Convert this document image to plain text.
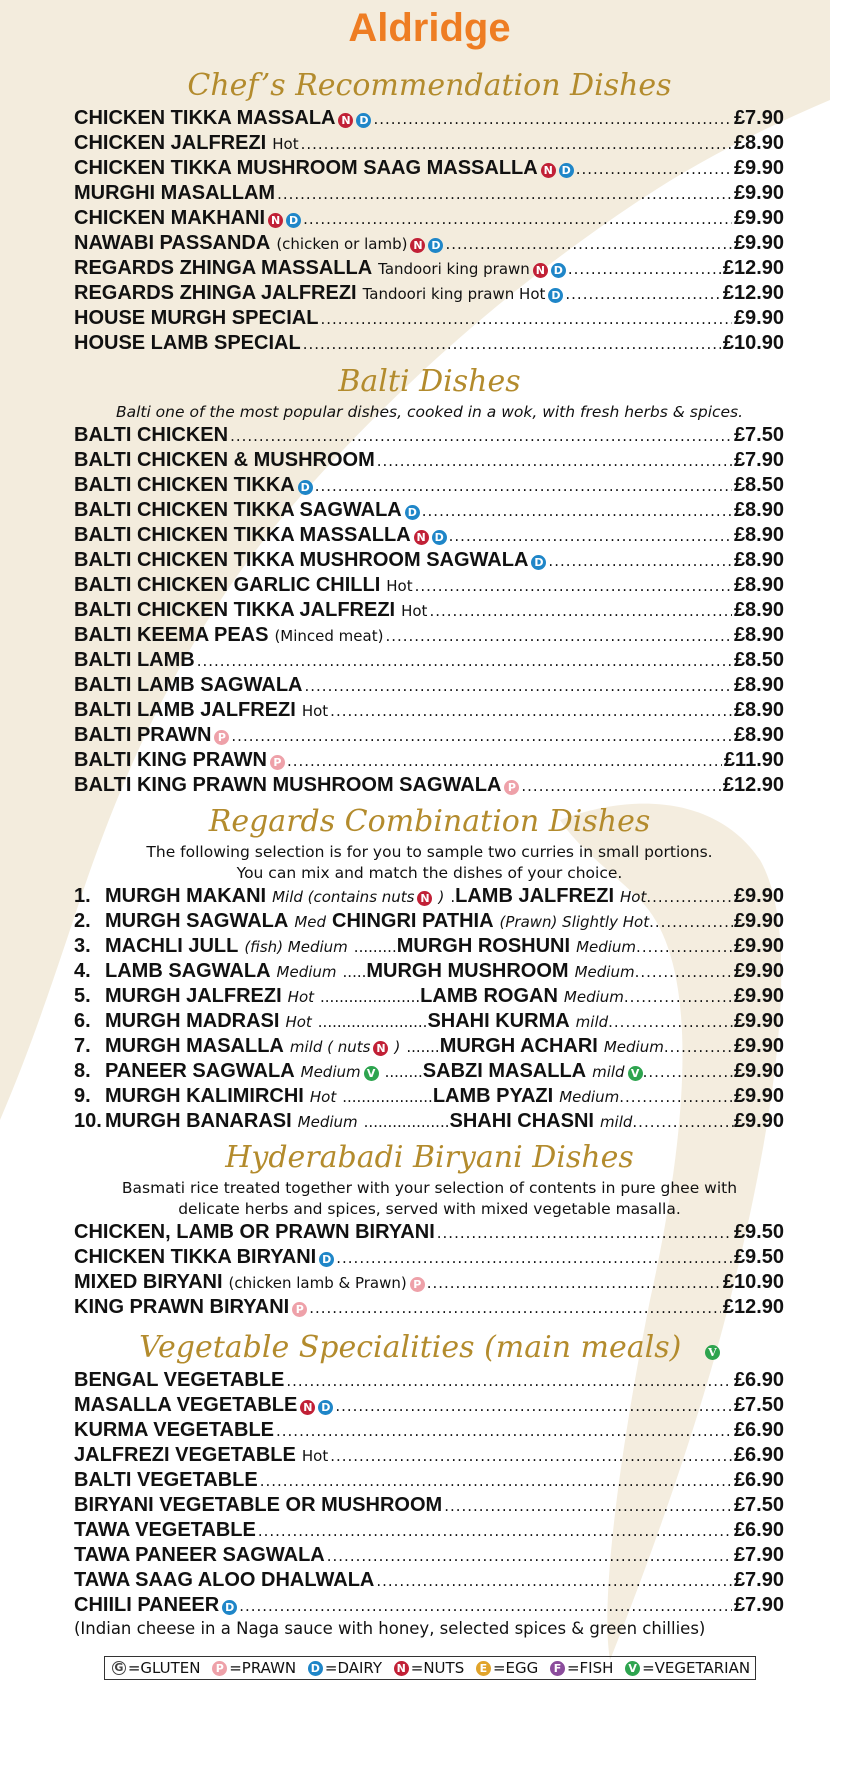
Aldridge
Chef’s Recommendation Dishes
CHICKEN TIKKA MASSALA N D .....	£7.90
CHICKEN JALFREZI Hot .....	£8.90
CHICKEN TIKKA MUSHROOM SAAG MASSALLA N D .....	£9.90
MURGHI MASALLAM .....	£9.90
CHICKEN MAKHANI N D .....	£9.90
NAWABI PASSANDA (chicken or lamb) N D .....	£9.90
REGARDS ZHINGA MASSALLA Tandoori king prawn N D .....	£12.90
REGARDS ZHINGA JALFREZI Tandoori king prawn Hot D .....	£12.90
HOUSE MURGH SPECIAL .....	£9.90
HOUSE LAMB SPECIAL .....	£10.90
Balti Dishes
Balti one of the most popular dishes, cooked in a wok, with fresh herbs & spices.
BALTI CHICKEN .....	£7.50
BALTI CHICKEN & MUSHROOM .....	£7.90
BALTI CHICKEN TIKKA D .....	£8.50
BALTI CHICKEN TIKKA SAGWALA D .....	£8.90
BALTI CHICKEN TIKKA MASSALLA N D .....	£8.90
BALTI CHICKEN TIKKA MUSHROOM SAGWALA D .....	£8.90
BALTI CHICKEN GARLIC CHILLI Hot .....	£8.90
BALTI CHICKEN TIKKA JALFREZI Hot .....	£8.90
BALTI KEEMA PEAS (Minced meat) .....	£8.90
BALTI LAMB .....	£8.50
BALTI LAMB SAGWALA .....	£8.90
BALTI LAMB JALFREZI Hot .....	£8.90
BALTI PRAWN P .....	£8.90
BALTI KING PRAWN P .....	£11.90
BALTI KING PRAWN MUSHROOM SAGWALA P .....	£12.90
Regards Combination Dishes
The following selection is for you to sample two curries in small portions.
You can mix and match the dishes of your choice.
1. MURGH MAKANI Mild (contains nuts N ) . LAMB JALFREZI Hot .....	£9.90
2. MURGH SAGWALA Med CHINGRI PATHIA (Prawn) Slightly Hot .....	£9.90
3. MACHLI JULL (fish) Medium ......... MURGH ROSHUNI Medium .....	£9.90
4. LAMB SAGWALA Medium ..... MURGH MUSHROOM Medium .....	£9.90
5. MURGH JALFREZI Hot ..................... LAMB ROGAN Medium .....	£9.90
6. MURGH MADRASI Hot ....................... SHAHI KURMA mild .....	£9.90
7. MURGH MASALLA mild ( nuts N ) ....... MURGH ACHARI Medium .....	£9.90
8. PANEER SAGWALA Medium V ........ SABZI MASALLA mild V .....	£9.90
9. MURGH KALIMIRCHI Hot ................... LAMB PYAZI Medium .....	£9.90
10. MURGH BANARASI Medium .................. SHAHI CHASNI mild .....	£9.90
Hyderabadi Biryani Dishes
Basmati rice treated together with your selection of contents in pure ghee with
delicate herbs and spices, served with mixed vegetable masalla.
CHICKEN, LAMB OR PRAWN BIRYANI .....	£9.50
CHICKEN TIKKA BIRYANI D .....	£9.50
MIXED BIRYANI (chicken lamb & Prawn) P .....	£10.90
KING PRAWN BIRYANI P .....	£12.90
Vegetable Specialities (main meals) V
BENGAL VEGETABLE .....	£6.90
MASALLA VEGETABLE N D .....	£7.50
KURMA VEGETABLE .....	£6.90
JALFREZI VEGETABLE Hot .....	£6.90
BALTI VEGETABLE .....	£6.90
BIRYANI VEGETABLE OR MUSHROOM .....	£7.50
TAWA VEGETABLE .....	£6.90
TAWA PANEER SAGWALA .....	£7.90
TAWA SAAG ALOO DHALWALA .....	£7.90
CHIILI PANEER D .....	£7.90
(Indian cheese in a Naga sauce with honey, selected spices & green chillies)
G =GLUTEN	P =PRAWN D =DAIRY N =NUTS	E =EGG	F =FISH V =VEGETARIAN
